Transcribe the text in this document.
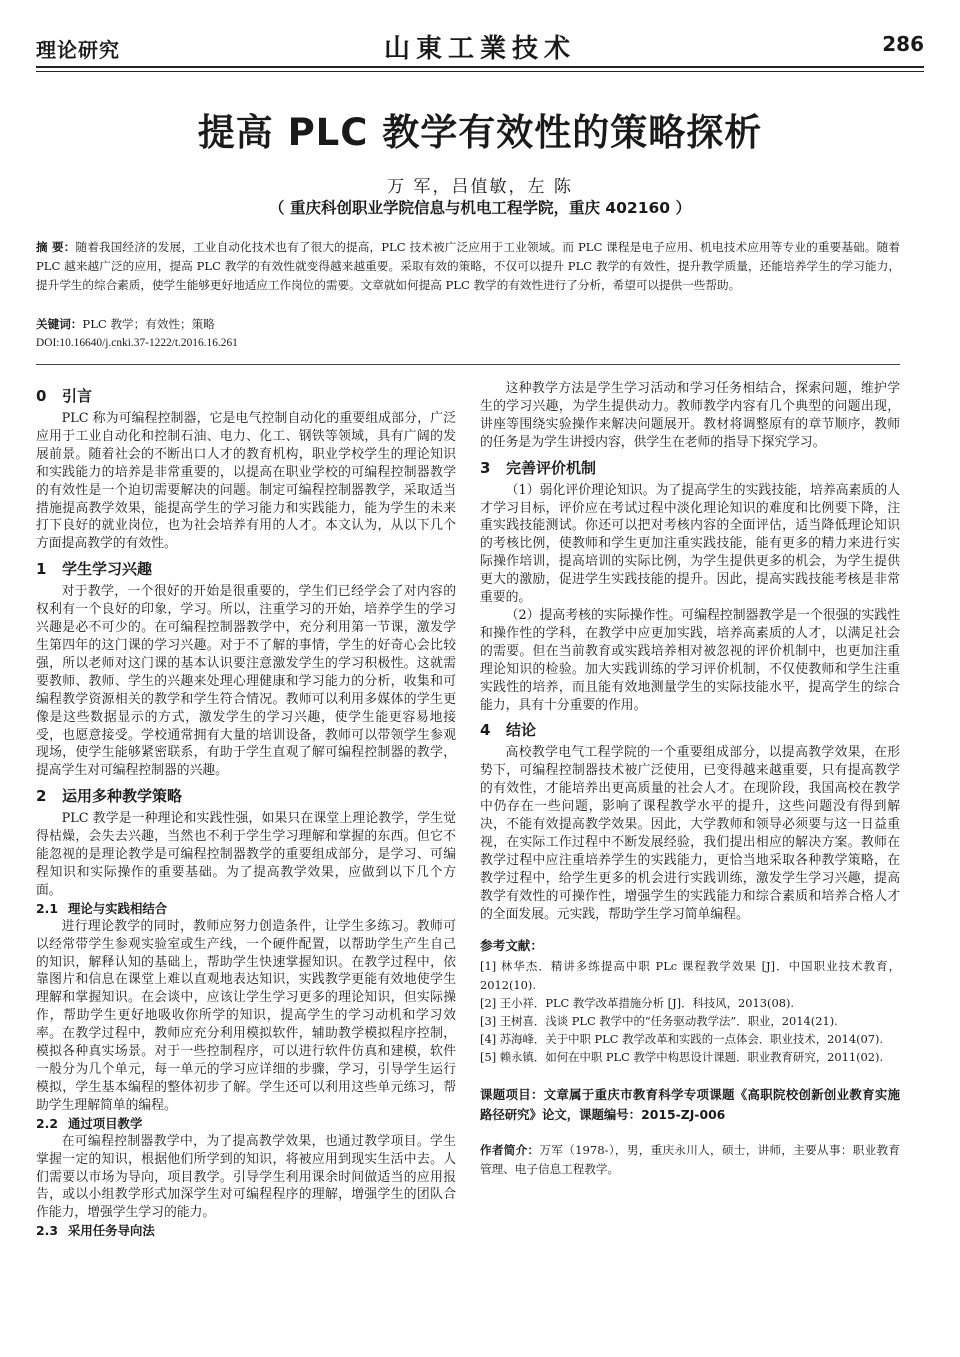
理论研究	山東工業技术	286
提高 PLC 教学有效性的策略探析
万 军，吕值敏，左 陈
（ 重庆科创职业学院信息与机电工程学院，重庆 402160 ）
摘 要：随着我国经济的发展，工业自动化技术也有了很大的提高，PLC 技术被广泛应用于工业领域。而 PLC 课程是电子应用、机电技术应用等专业的重要基础。随着 PLC 越来越广泛的应用，提高 PLC 教学的有效性就变得越来越重要。采取有效的策略，不仅可以提升 PLC 教学的有效性，提升教学质量，还能培养学生的学习能力，提升学生的综合素质，使学生能够更好地适应工作岗位的需要。文章就如何提高 PLC 教学的有效性进行了分析，希望可以提供一些帮助。
关键词：PLC 教学；有效性；策略
DOI:10.16640/j.cnki.37-1222/t.2016.16.261
0 引言

PLC 称为可编程控制器，它是电气控制自动化的重要组成部分，广泛应用于工业自动化和控制石油、电力、化工、钢铁等领域，具有广阔的发展前景。随着社会的不断出口人才的教育机构，职业学校学生的理论知识和实践能力的培养是非常重要的，以提高在职业学校的可编程控制器教学的有效性是一个迫切需要解决的问题。制定可编程控制器教学，采取适当措施提高教学效果，能提高学生的学习能力和实践能力，能为学生的未来打下良好的就业岗位，也为社会培养有用的人才。本文认为，从以下几个方面提高教学的有效性。

1 学生学习兴趣

对于教学，一个很好的开始是很重要的，学生们已经学会了对内容的权利有一个良好的印象，学习。所以，注重学习的开始，培养学生的学习兴趣是必不可少的。在可编程控制器教学中，充分利用第一节课，激发学生第四年的这门课的学习兴趣。对于不了解的事情，学生的好奇心会比较强，所以老师对这门课的基本认识要注意激发学生的学习积极性。这就需要教师、教师、学生的兴趣来处理心理健康和学习能力的分析，收集和可编程教学资源相关的教学和学生符合情况。教师可以利用多媒体的学生更像是这些数据显示的方式，激发学生的学习兴趣，使学生能更容易地接受，也愿意接受。学校通常拥有大量的培训设备，教师可以带领学生参观现场，使学生能够紧密联系，有助于学生直观了解可编程控制器的教学，提高学生对可编程控制器的兴趣。

2 运用多种教学策略

PLC 教学是一种理论和实践性强，如果只在课堂上理论教学，学生觉得枯燥，会失去兴趣，当然也不利于学生学习理解和掌握的东西。但它不能忽视的是理论教学是可编程控制器教学的重要组成部分，是学习、可编程知识和实际操作的重要基础。为了提高教学效果，应做到以下几个方面。

2.1 理论与实践相结合

进行理论教学的同时，教师应努力创造条件，让学生多练习。教师可以经常带学生参观实验室或生产线，一个硬件配置，以帮助学生产生自己的知识，解释认知的基础上，帮助学生快速掌握知识。在教学过程中，依靠图片和信息在课堂上难以直观地表达知识，实践教学更能有效地使学生理解和掌握知识。在会谈中，应该让学生学习更多的理论知识，但实际操作，帮助学生更好地吸收你所学的知识，提高学生的学习动机和学习效率。在教学过程中，教师应充分利用模拟软件，辅助教学模拟程序控制，模拟各种真实场景。对于一些控制程序，可以进行软件仿真和建模，软件一般分为几个单元，每一单元的学习应详细的步骤，学习，引导学生运行模拟，学生基本编程的整体初步了解。学生还可以利用这些单元练习，帮助学生理解简单的编程。

2.2 通过项目教学

在可编程控制器教学中，为了提高教学效果，也通过教学项目。学生掌握一定的知识，根据他们所学到的知识，将被应用到现实生活中去。人们需要以市场为导向，项目教学。引导学生利用课余时间做适当的应用报告，或以小组教学形式加深学生对可编程程序的理解，增强学生的团队合作能力，增强学生学习的能力。

2.3 采用任务导向法

这种教学方法是学生学习活动和学习任务相结合，探索问题，维护学生的学习兴趣，为学生提供动力。教师教学内容有几个典型的问题出现，讲座等围绕实验操作来解决问题展开。教材将调整原有的章节顺序，教师的任务是为学生讲授内容，供学生在老师的指导下探究学习。

3 完善评价机制

（1）弱化评价理论知识。为了提高学生的实践技能，培养高素质的人才学习目标，评价应在考试过程中淡化理论知识的难度和比例要下降，注重实践技能测试。你还可以把对考核内容的全面评估，适当降低理论知识的考核比例，使教师和学生更加注重实践技能，能有更多的精力来进行实际操作培训，提高培训的实际比例，为学生提供更多的机会，为学生提供更大的激励，促进学生实践技能的提升。因此，提高实践技能考核是非常重要的。

（2）提高考核的实际操作性。可编程控制器教学是一个很强的实践性和操作性的学科，在教学中应更加实践，培养高素质的人才，以满足社会的需要。但在当前教育或实践培养相对被忽视的评价机制中，也更加注重理论知识的检验。加大实践训练的学习评价机制，不仅使教师和学生注重实践性的培养，而且能有效地测量学生的实际技能水平，提高学生的综合能力，具有十分重要的作用。

4 结论

高校教学电气工程学院的一个重要组成部分，以提高教学效果，在形势下，可编程控制器技术被广泛使用，已变得越来越重要，只有提高教学的有效性，才能培养出更高质量的社会人才。在现阶段，我国高校在教学中仍存在一些问题，影响了课程教学水平的提升，这些问题没有得到解决，不能有效提高教学效果。因此，大学教师和领导必须要与这一日益重视，在实际工作过程中不断发展经验，我们提出相应的解决方案。教师在教学过程中应注重培养学生的实践能力，更恰当地采取各种教学策略，在教学过程中，给学生更多的机会进行实践训练，激发学生学习兴趣，提高教学有效性的可操作性，增强学生的实践能力和综合素质和培养合格人才的全面发展。元实践，帮助学生学习简单编程。

参考文献：
[1] 林华杰．精讲多练提高中职 PLc 课程教学效果 [J]．中国职业技术教育，2012(10).
[2] 王小祥．PLC 教学改革措施分析 [J]．科技风，2013(08).
[3] 王树喜．浅谈 PLC 教学中的“任务驱动教学法”．职业，2014(21).
[4] 苏海峰．关于中职 PLC 教学改革和实践的一点体会．职业技术，2014(07).
[5] 赖永镇．如何在中职 PLC 教学中构思设计课题．职业教育研究，2011(02).
课题项目：文章属于重庆市教育科学专项课题《高职院校创新创业教育实施路径研究》论文，课题编号：2015-ZJ-006
作者简介：万军（1978-），男，重庆永川人，硕士，讲师，主要从事：职业教育管理、电子信息工程教学。
